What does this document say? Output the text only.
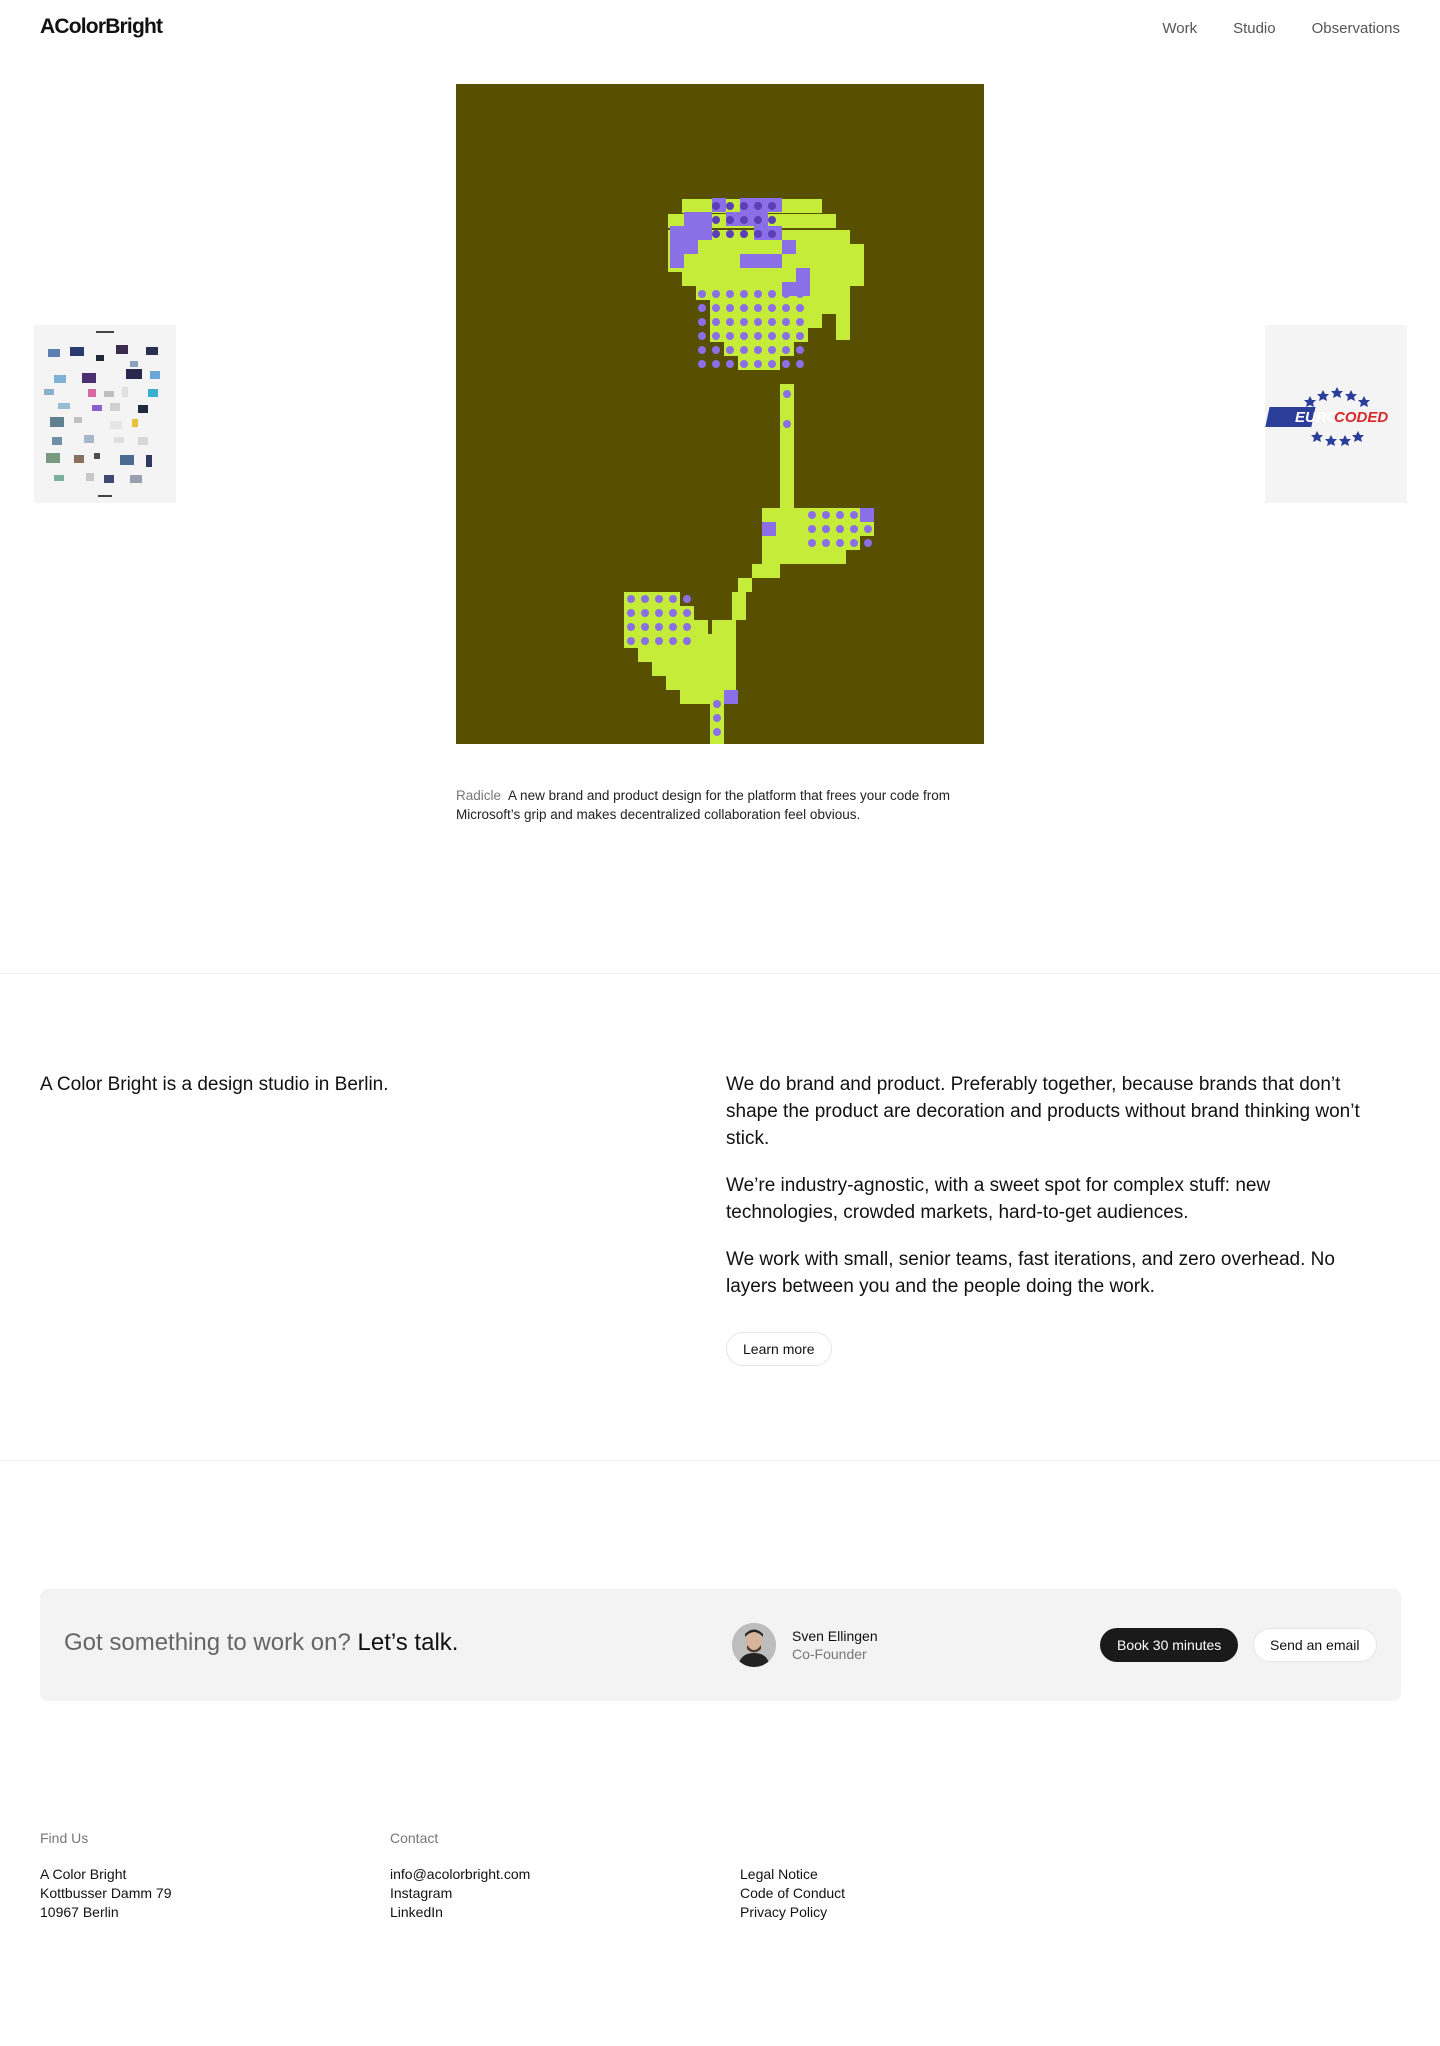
AColorBright	Work Studio Observations
EURO
CODED
Radicle A new brand and product design for the platform that frees your code from Microsoft’s grip and makes decentralized collaboration feel obvious.
A Color Bright is a design studio in Berlin.	We do brand and product. Preferably together, because brands that don’t shape the product are decoration and products without brand thinking won’t stick.

We’re industry-agnostic, with a sweet spot for complex stuff: new technologies, crowded markets, hard-to-get audiences.

We work with small, senior teams, fast iterations, and zero overhead. No layers between you and the people doing the work.

Learn more
Got something to work on? Let’s talk.	Sven Ellingen
Co-Founder
Book 30 minutes	Send an email
Find Us
A Color Bright
Kottbusser Damm 79
10967 Berlin
Contact
info@acolorbright.com
Instagram
LinkedIn
Legal Notice
Code of Conduct
Privacy Policy
